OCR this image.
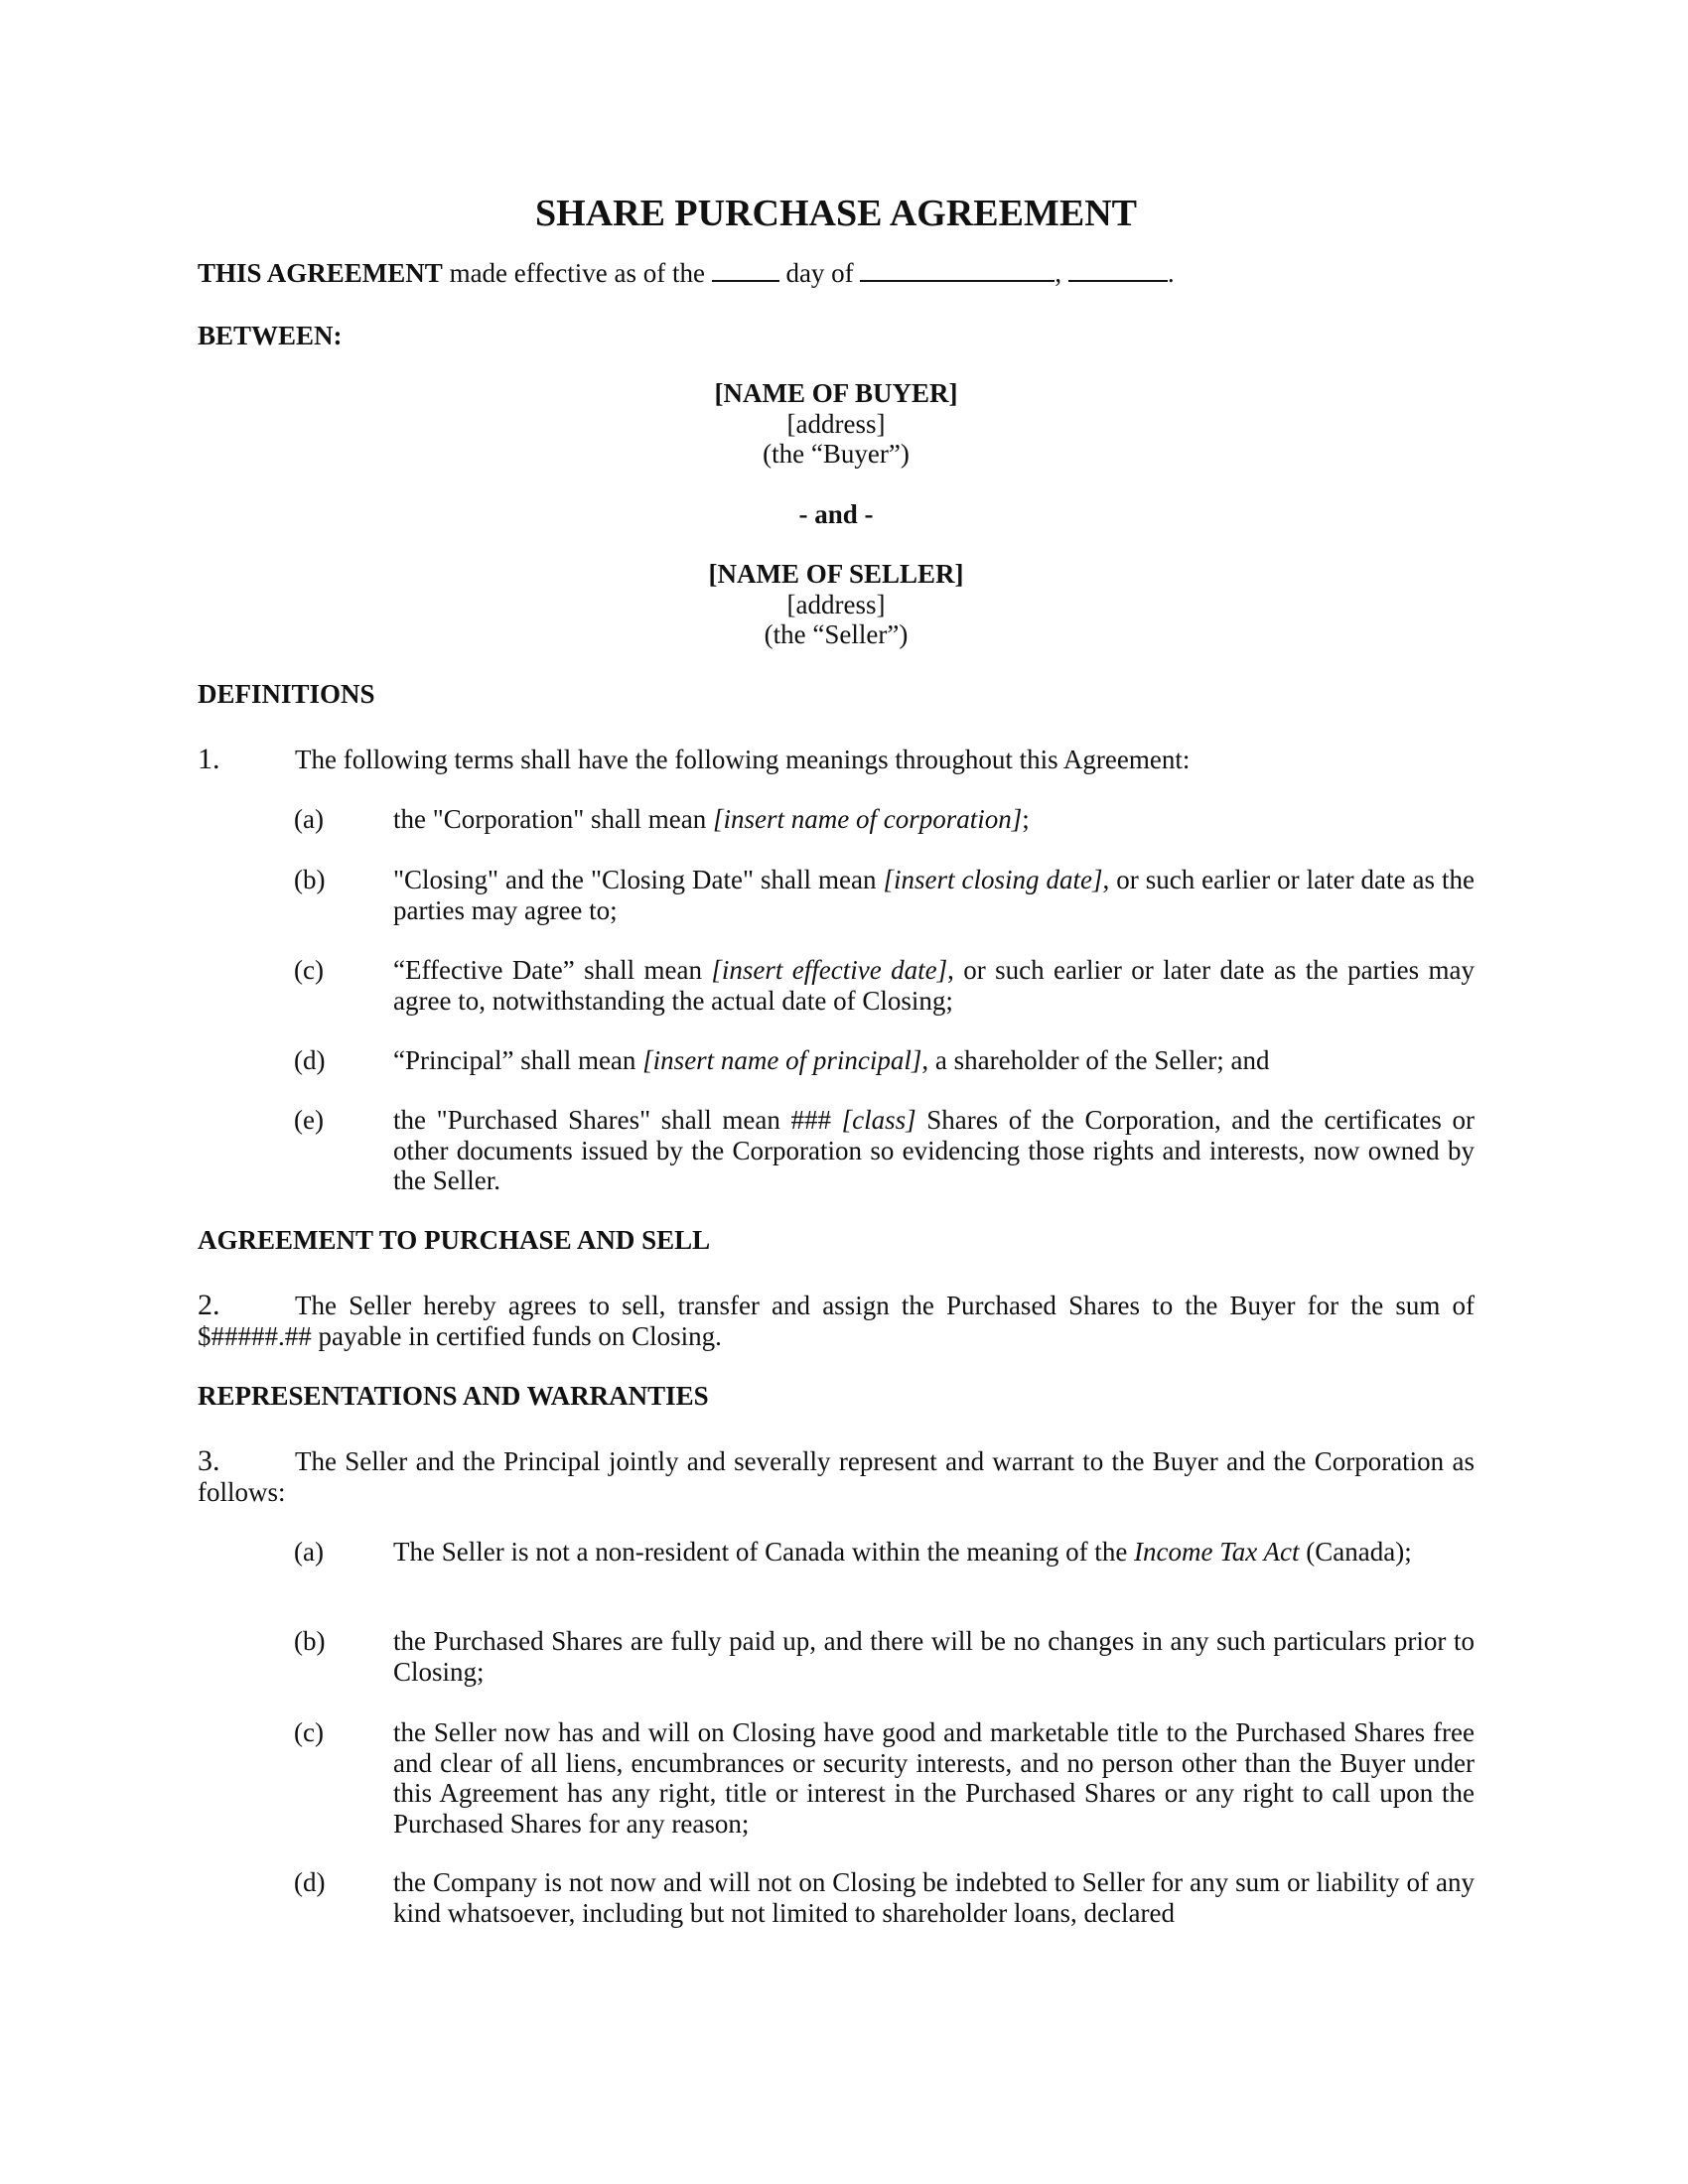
SHARE PURCHASE AGREEMENT
THIS AGREEMENT made effective as of the	day of	,	.
BETWEEN:
[NAME OF BUYER]
[address]
(the “Buyer”)
- and -
[NAME OF SELLER]
[address]
(the “Seller”)
DEFINITIONS
1.	The following terms shall have the following meanings throughout this Agreement:
(a)	the "Corporation" shall mean [insert name of corporation];
(b)	"Closing" and the "Closing Date" shall mean [insert closing date], or such earlier or later date as the parties may agree to;
(c)	“Effective Date” shall mean [insert effective date], or such earlier or later date as the parties may agree to, notwithstanding the actual date of Closing;
(d)	“Principal” shall mean [insert name of principal], a shareholder of the Seller; and
(e)	the "Purchased Shares" shall mean ### [class] Shares of the Corporation, and the certificates or other documents issued by the Corporation so evidencing those rights and interests, now owned by the Seller.
AGREEMENT TO PURCHASE AND SELL
2.	The Seller hereby agrees to sell, transfer and assign the Purchased Shares to the Buyer for the sum of $#####.## payable in certified funds on Closing.
REPRESENTATIONS AND WARRANTIES
3.	The Seller and the Principal jointly and severally represent and warrant to the Buyer and the Corporation as follows:
(a)	The Seller is not a non-resident of Canada within the meaning of the Income Tax Act (Canada);
(b)	the Purchased Shares are fully paid up, and there will be no changes in any such particulars prior to Closing;
(c)	the Seller now has and will on Closing have good and marketable title to the Purchased Shares free and clear of all liens, encumbrances or security interests, and no person other than the Buyer under this Agreement has any right, title or interest in the Purchased Shares or any right to call upon the Purchased Shares for any reason;
(d)	the Company is not now and will not on Closing be indebted to Seller for any sum or liability of any kind whatsoever, including but not limited to shareholder loans, declared
